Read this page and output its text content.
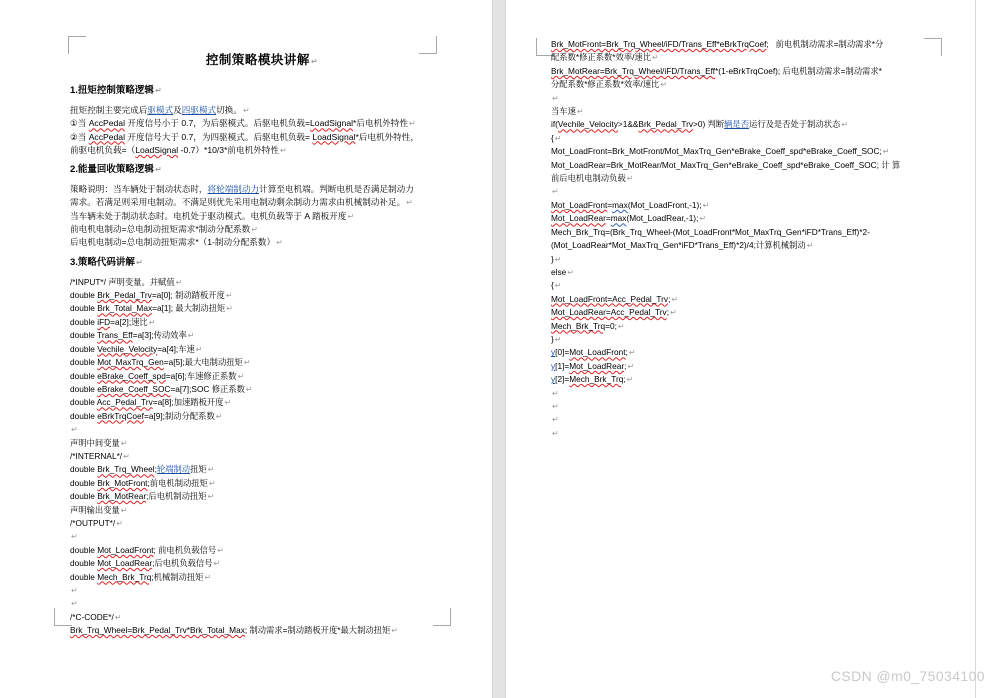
控制策略模块讲解↵
1.扭矩控制策略逻辑↵

扭矩控制主要完成后驱模式及四驱模式切换。↵

①当 AccPedal 开度信号小于 0.7，为后驱模式。后驱电机负载=LoadSignal*后电机外特性↵

②当 AccPedal 开度信号大于 0.7，为四驱模式。后驱电机负载= LoadSignal*后电机外特性，

前驱电机负载=（LoadSignal -0.7）*10/3*前电机外特性↵

2.能量回收策略逻辑↵

策略说明：当车辆处于制动状态时，将轮端制动力计算至电机端。判断电机是否满足制动力

需求。若满足则采用电制动。不满足则优先采用电制动剩余制动力需求由机械制动补足。↵

当车辆未处于制动状态时。电机处于驱动模式。电机负载等于 A 踏板开度↵

前电机电制动=总电制动扭矩需求*制动分配系数↵

后电机电制动=总电制动扭矩需求*（1-制动分配系数）↵

3.策略代码讲解↵

/*INPUT*/ 声明变量。并赋值↵

double Brk_Pedal_Trv=a[0]; 制动踏板开度↵

double Brk_Total_Max=a[1]; 最大制动扭矩↵

double iFD=a[2];速比↵

double Trans_Eff=a[3];传动效率↵

double Vechile_Velocity=a[4];车速↵

double Mot_MaxTrq_Gen=a[5];最大电制动扭矩↵

double eBrake_Coeff_spd=a[6];车速修正系数↵

double eBrake_Coeff_SOC=a[7];SOC 修正系数↵

double Acc_Pedal_Trv=a[8];加速踏板开度↵

double eBrkTrqCoef=a[9];制动分配系数↵

↵

声明中间变量↵

/*INTERNAL*/↵

double Brk_Trq_Wheel;轮端制动扭矩↵

double Brk_MotFront;前电机制动扭矩↵

double Brk_MotRear;后电机制动扭矩↵

声明输出变量↵

/*OUTPUT*/↵

↵

double Mot_LoadFront; 前电机负载信号↵

double Mot_LoadRear;后电机负载信号↵

double Mech_Brk_Trq;机械制动扭矩↵

↵

↵

/*C-CODE*/↵

Brk_Trq_Wheel=Brk_Pedal_Trv*Brk_Total_Max; 制动需求=制动踏板开度*最大制动扭矩↵

Brk_MotFront=Brk_Trq_Wheel/iFD/Trans_Eff*eBrkTrqCoef;   前电机制动需求=制动需求*分

配系数*修正系数*效率/速比↵

Brk_MotRear=Brk_Trq_Wheel/iFD/Trans_Eff*(1-eBrkTrqCoef); 后电机制动需求=制动需求*

分配系数*修正系数*效率/速比↵

↵

当车速↵

if(Vechile_Velocity>1&&Brk_Pedal_Trv>0) 判断辆是否运行及是否处于制动状态↵

{↵

Mot_LoadFront=Brk_MotFront/Mot_MaxTrq_Gen*eBrake_Coeff_spd*eBrake_Coeff_SOC;↵

Mot_LoadRear=Brk_MotRear/Mot_MaxTrq_Gen*eBrake_Coeff_spd*eBrake_Coeff_SOC; 计 算

前后电机电制动负载↵

↵

Mot_LoadFront=max(Mot_LoadFront,-1);↵

Mot_LoadRear=max(Mot_LoadRear,-1);↵

Mech_Brk_Trq=(Brk_Trq_Wheel-(Mot_LoadFront*Mot_MaxTrq_Gen*iFD*Trans_Eff)*2-

(Mot_LoadRear*Mot_MaxTrq_Gen*iFD*Trans_Eff)*2)/4;计算机械制动↵

}↵

else↵

{↵

Mot_LoadFront=Acc_Pedal_Trv;↵

Mot_LoadRear=Acc_Pedal_Trv;↵

Mech_Brk_Trq=0;↵

}↵

y[0]=Mot_LoadFront;↵

y[1]=Mot_LoadRear;↵

y[2]=Mech_Brk_Trq;↵

↵

↵

↵

↵

CSDN @m0_75034100
